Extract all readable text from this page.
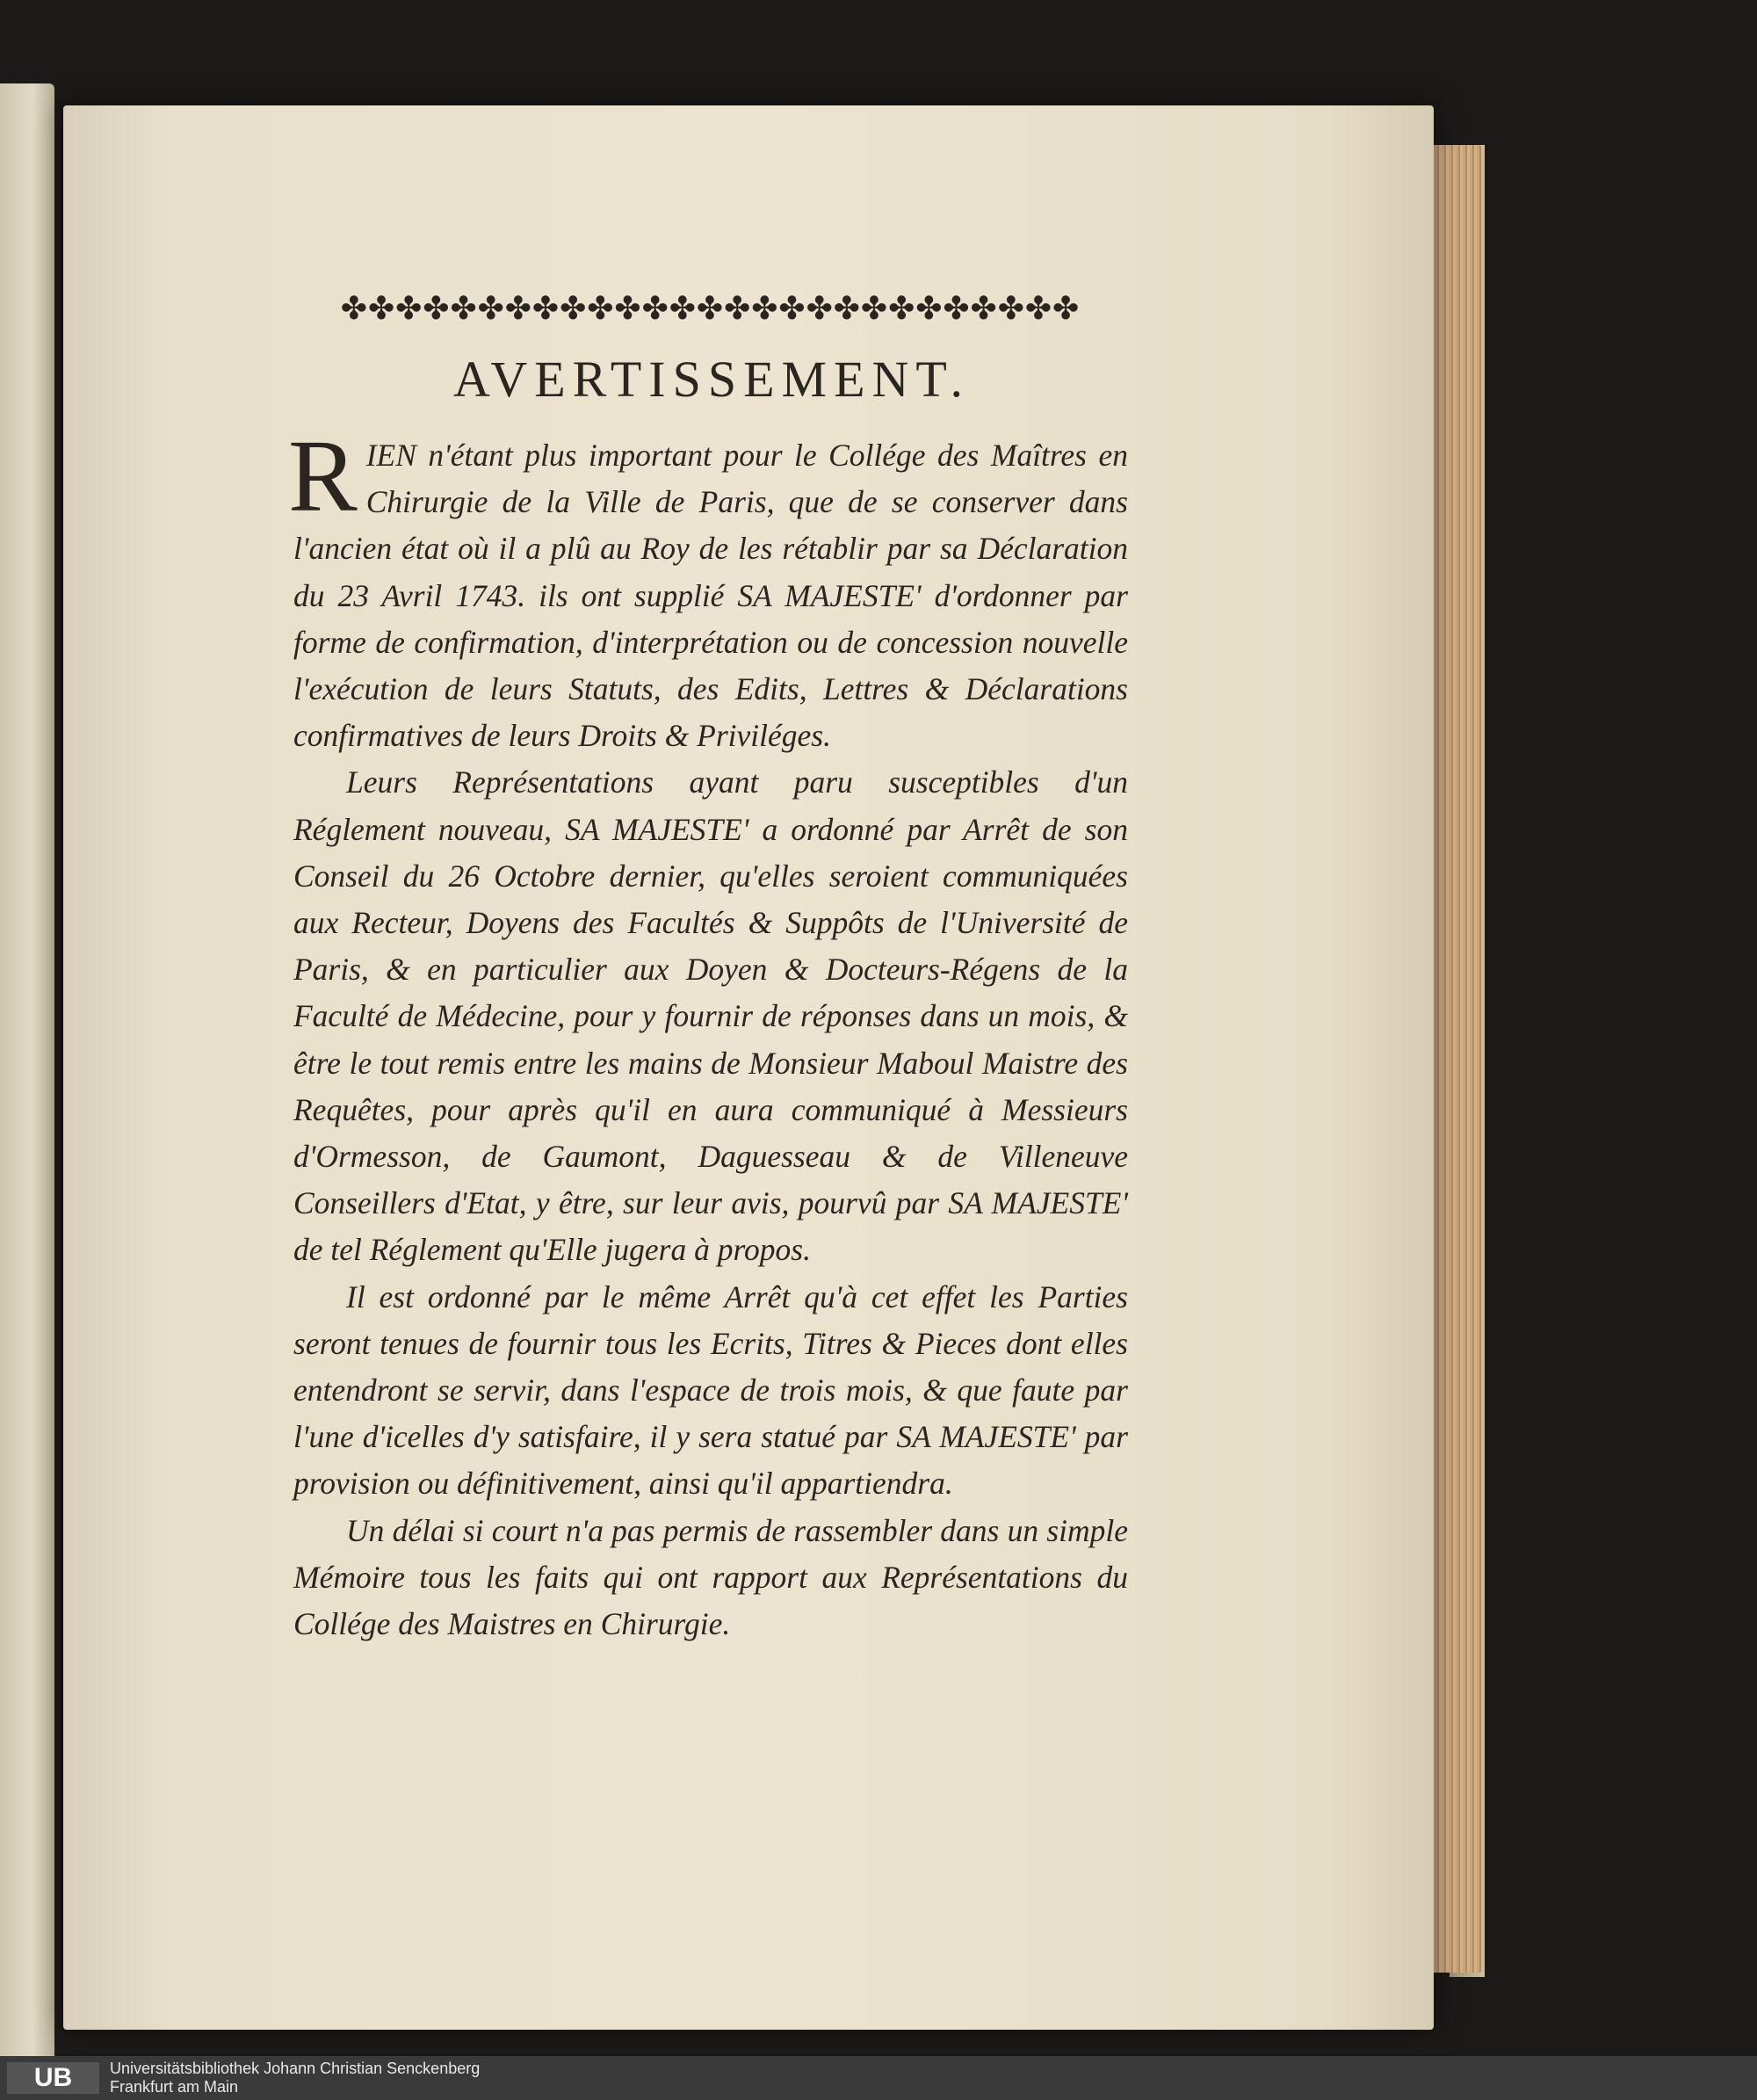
✤✤✤✤✤✤✤✤✤✤✤✤✤✤✤✤✤✤✤✤✤✤✤✤✤✤✤
AVERTISSEMENT.

RIEN n'étant plus important pour le Collége des Maîtres en Chirurgie de la Ville de Paris, que de se conserver dans l'ancien état où il a plû au Roy de les rétablir par sa Déclaration du 23 Avril 1743. ils ont supplié SA MAJESTE' d'ordonner par forme de confirmation, d'interprétation ou de concession nouvelle l'exécution de leurs Statuts, des Edits, Lettres & Déclarations confirmatives de leurs Droits & Priviléges.

Leurs Représentations ayant paru susceptibles d'un Réglement nouveau, SA MAJESTE' a ordonné par Arrêt de son Conseil du 26 Octobre dernier, qu'elles seroient communiquées aux Recteur, Doyens des Facultés & Suppôts de l'Université de Paris, & en particulier aux Doyen & Docteurs-Régens de la Faculté de Médecine, pour y fournir de réponses dans un mois, & être le tout remis entre les mains de Monsieur Maboul Maistre des Requêtes, pour après qu'il en aura communiqué à Messieurs d'Ormesson, de Gaumont, Daguesseau & de Villeneuve Conseillers d'Etat, y être, sur leur avis, pourvû par SA MAJESTE' de tel Réglement qu'Elle jugera à propos.

Il est ordonné par le même Arrêt qu'à cet effet les Parties seront tenues de fournir tous les Ecrits, Titres & Pieces dont elles entendront se servir, dans l'espace de trois mois, & que faute par l'une d'icelles d'y satisfaire, il y sera statué par SA MAJESTE' par provision ou définitivement, ainsi qu'il appartiendra.

Un délai si court n'a pas permis de rassembler dans un simple Mémoire tous les faits qui ont rapport aux Représentations du Collége des Maistres en Chirurgie.

UB	Universitätsbibliothek Johann Christian Senckenberg
Frankfurt am Main
